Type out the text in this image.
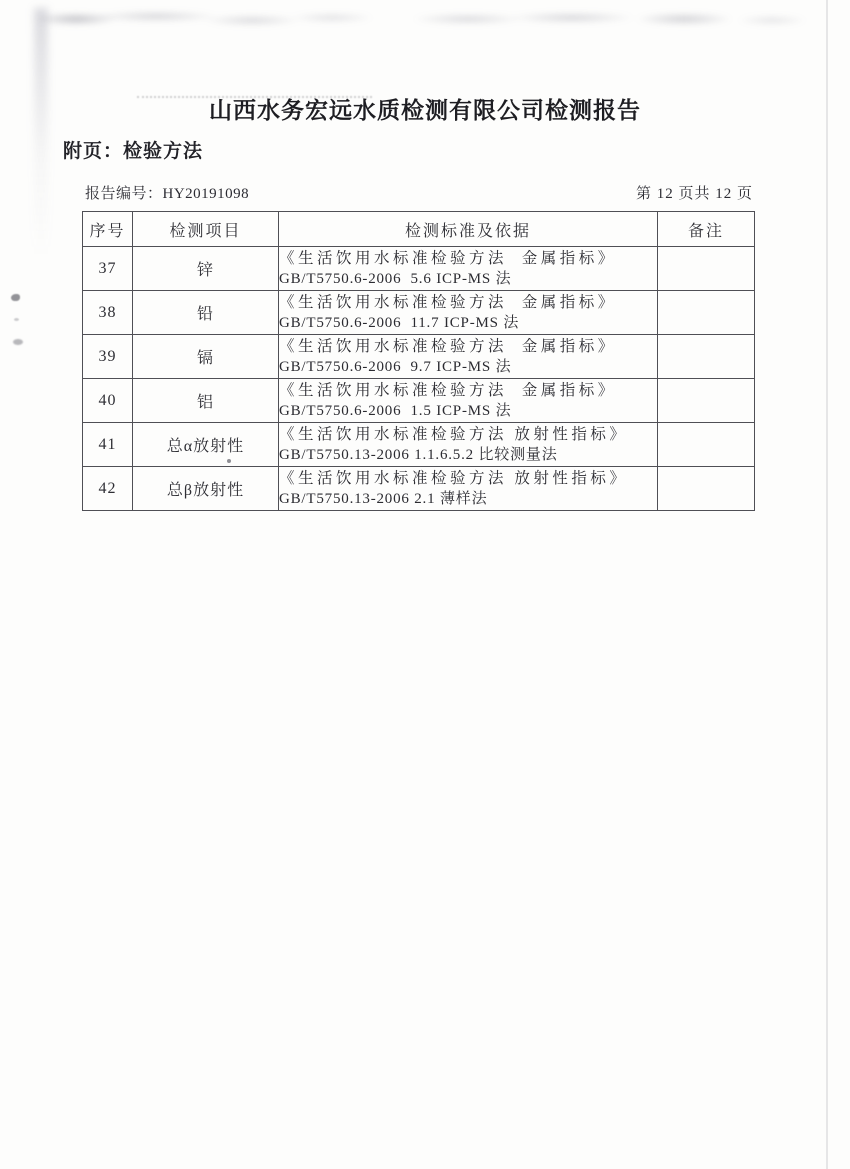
山西水务宏远水质检测有限公司检测报告
附页：检验方法
报告编号：HY20191098	第 12 页共 12 页
序号	检测项目	检测标准及依据	备注
37	锌	《生活饮用水标准检验方法  金属指标》
GB/T5750.6-2006  5.6 ICP-MS 法	

38	铅	《生活饮用水标准检验方法  金属指标》
GB/T5750.6-2006  11.7 ICP-MS 法	

39	镉	《生活饮用水标准检验方法  金属指标》
GB/T5750.6-2006  9.7 ICP-MS 法	

40	铝	《生活饮用水标准检验方法  金属指标》
GB/T5750.6-2006  1.5 ICP-MS 法	

41	总α放射性	《生活饮用水标准检验方法 放射性指标》
GB/T5750.13-2006 1.1.6.5.2 比较测量法	

42	总β放射性	《生活饮用水标准检验方法 放射性指标》
GB/T5750.13-2006 2.1 薄样法	
